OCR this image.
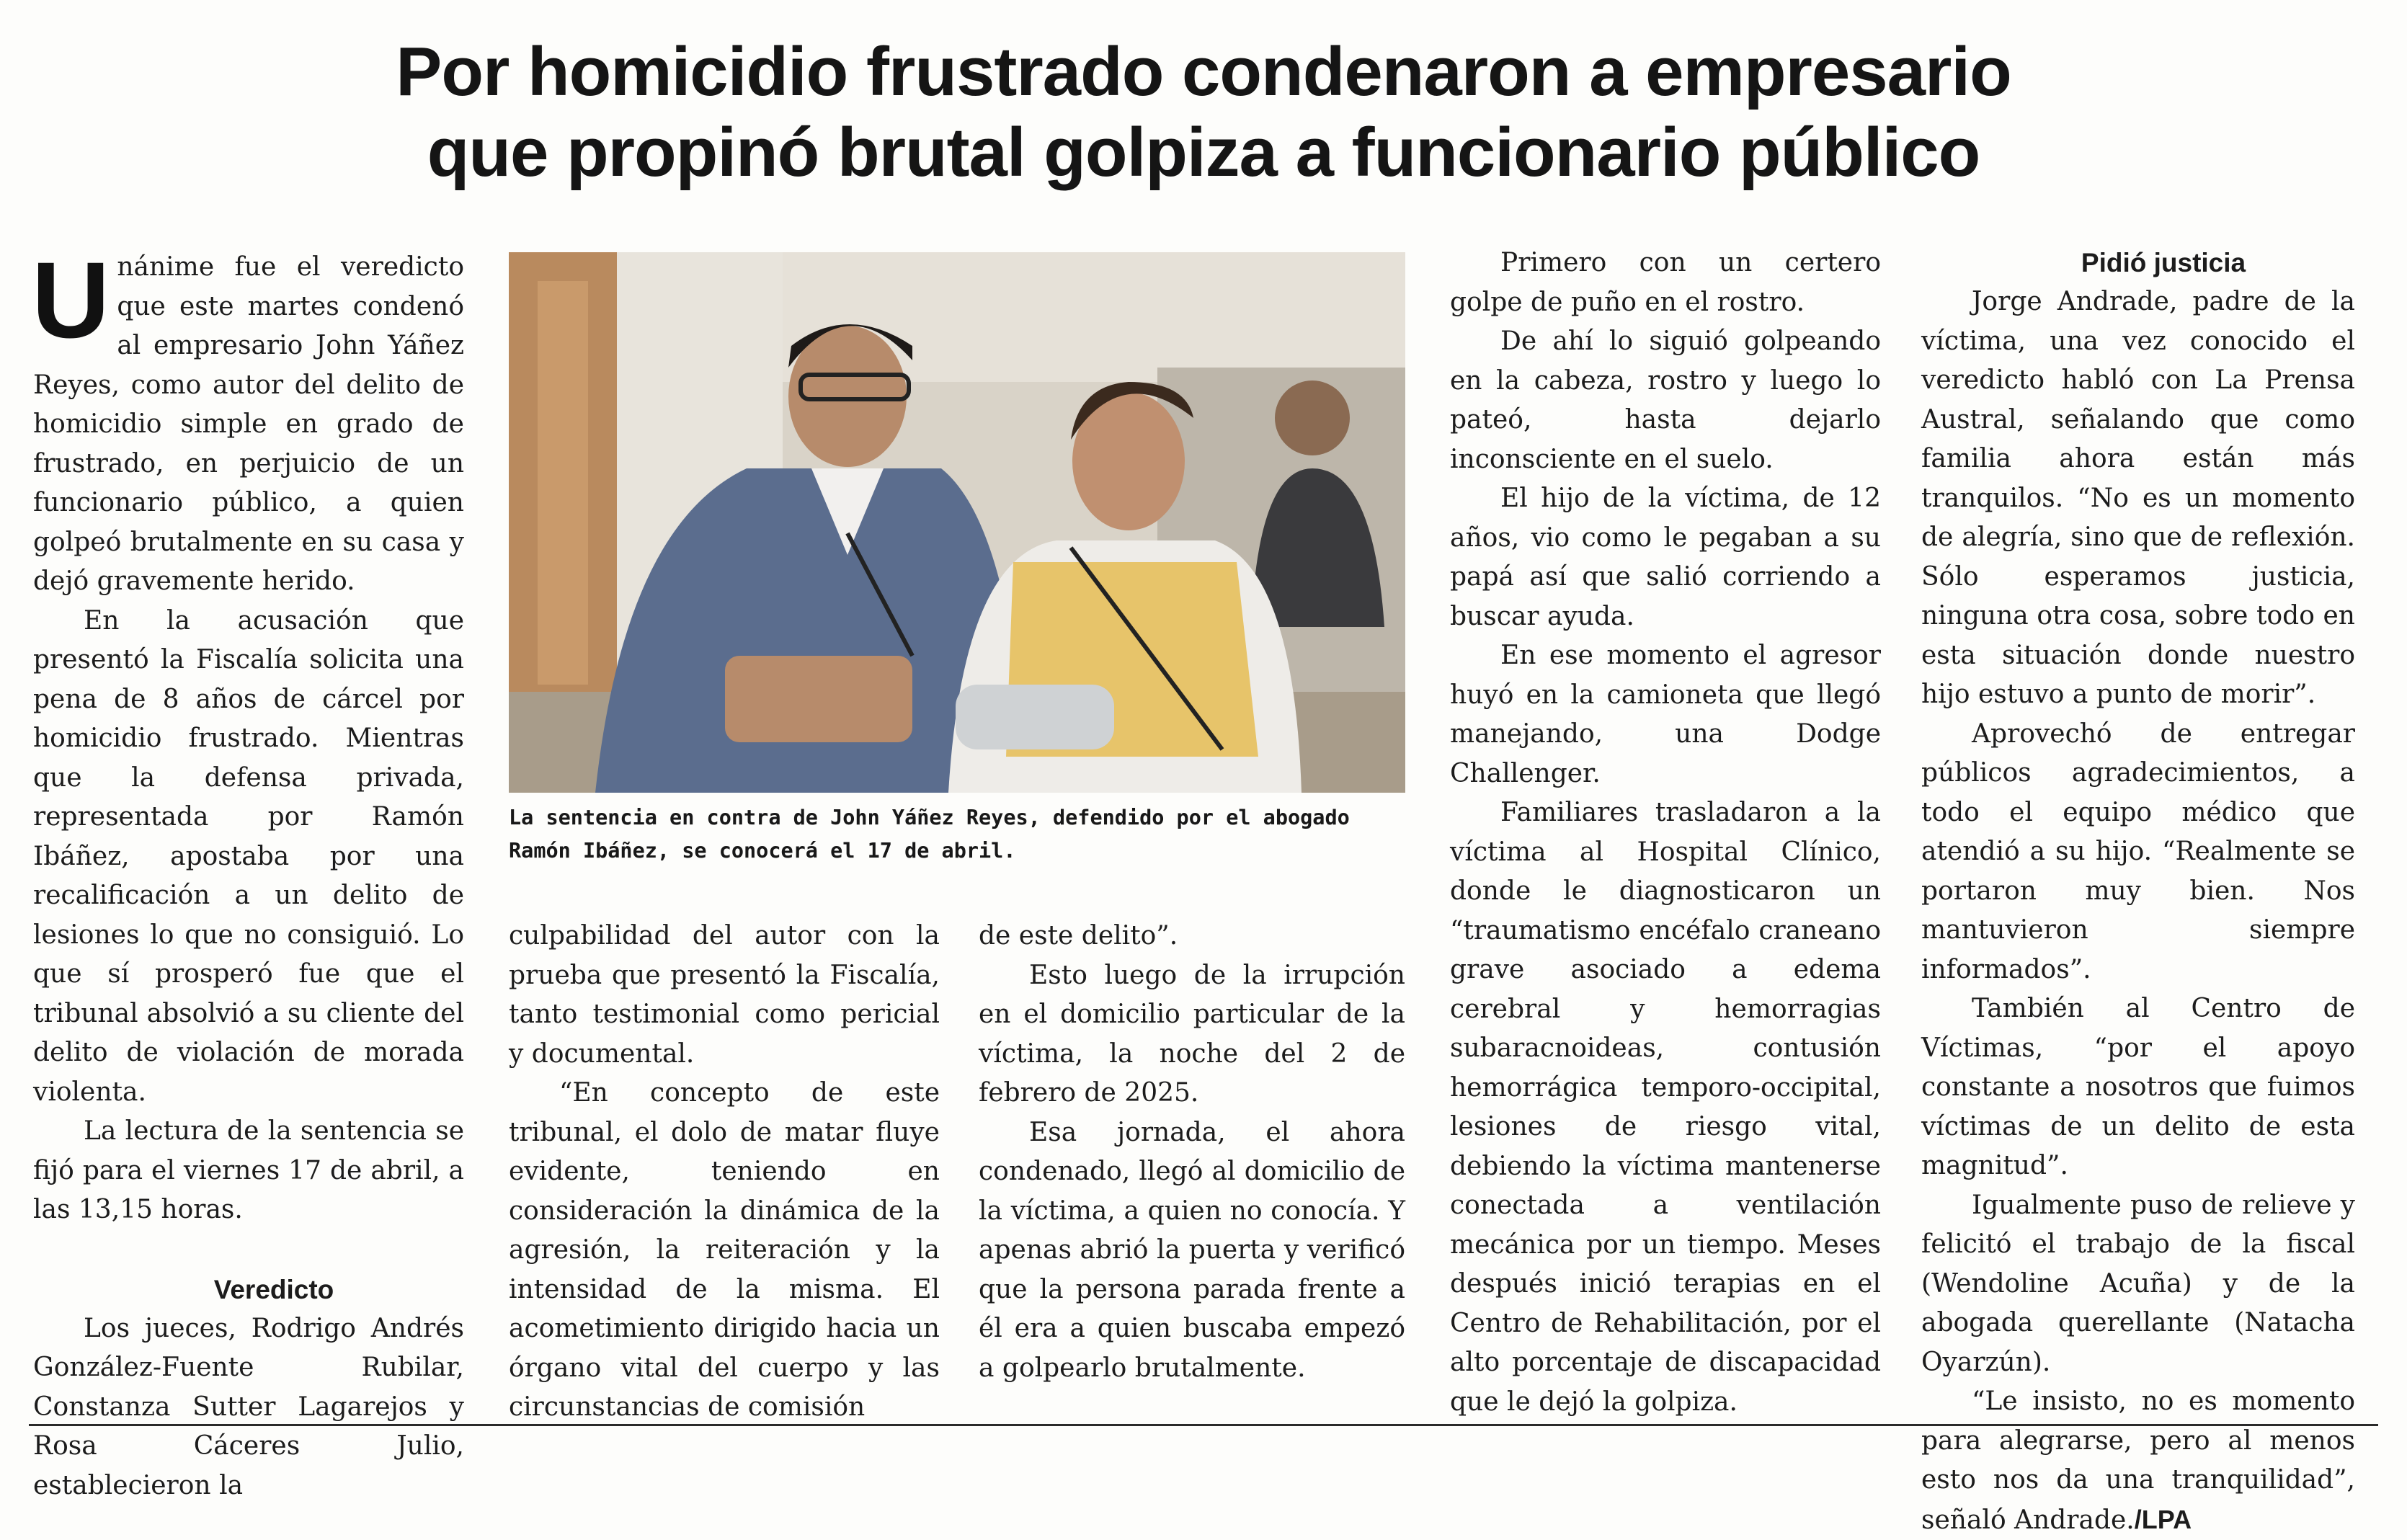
Por homicidio frustrado condenaron a empresario
que propinó brutal golpiza a funcionario público

Unánime fue el veredicto que este martes condenó al empresario John Yáñez Reyes, como autor del delito de homicidio simple en grado de frustrado, en perjuicio de un funcionario público, a quien golpeó brutalmente en su casa y dejó gravemente herido.

En la acusación que presentó la Fiscalía solicita una pena de 8 años de cárcel por homicidio frustrado. Mientras que la defensa privada, representada por Ramón Ibáñez, apostaba por una recalificación a un delito de lesiones lo que no consiguió. Lo que sí prosperó fue que el tribunal absolvió a su cliente del delito de violación de morada violenta.

La lectura de la sentencia se fijó para el viernes 17 de abril, a las 13,15 horas.

Veredicto

Los jueces, Rodrigo Andrés González-Fuente Rubilar, Constanza Sutter Lagarejos y Rosa Cáceres Julio, establecieron la

La sentencia en contra de John Yáñez Reyes, defendido por el abogado Ramón Ibáñez, se conocerá el 17 de abril.

culpabilidad del autor con la prueba que presentó la Fiscalía, tanto testimonial como pericial y documental.

“En concepto de este tribunal, el dolo de matar fluye evidente, teniendo en consideración la dinámica de la agresión, la reiteración y la intensidad de la misma. El acometimiento dirigido hacia un órgano vital del cuerpo y las circunstancias de comisión

de este delito”.

Esto luego de la irrupción en el domicilio particular de la víctima, la noche del 2 de febrero de 2025.

Esa jornada, el ahora condenado, llegó al domicilio de la víctima, a quien no conocía. Y apenas abrió la puerta y verificó que la persona parada frente a él era a quien buscaba empezó a golpearlo brutalmente.

Primero con un certero golpe de puño en el rostro.

De ahí lo siguió golpeando en la cabeza, rostro y luego lo pateó, hasta dejarlo inconsciente en el suelo.

El hijo de la víctima, de 12 años, vio como le pegaban a su papá así que salió corriendo a buscar ayuda.

En ese momento el agresor huyó en la camioneta que llegó manejando, una Dodge Challenger.

Familiares trasladaron a la víctima al Hospital Clínico, donde le diagnosticaron un “traumatismo encéfalo craneano grave asociado a edema cerebral y hemorragias subaracnoideas, contusión hemorrágica temporo-occipital, lesiones de riesgo vital, debiendo la víctima mantenerse conectada a ventilación mecánica por un tiempo. Meses después inició terapias en el Centro de Rehabilitación, por el alto porcentaje de discapacidad que le dejó la golpiza.

Pidió justicia

Jorge Andrade, padre de la víctima, una vez conocido el veredicto habló con La Prensa Austral, señalando que como familia ahora están más tranquilos. “No es un momento de alegría, sino que de reflexión. Sólo esperamos justicia, ninguna otra cosa, sobre todo en esta situación donde nuestro hijo estuvo a punto de morir”.

Aprovechó de entregar públicos agradecimientos, a todo el equipo médico que atendió a su hijo. “Realmente se portaron muy bien. Nos mantuvieron siempre informados”.

También al Centro de Víctimas, “por el apoyo constante a nosotros que fuimos víctimas de un delito de esta magnitud”.

Igualmente puso de relieve y felicitó el trabajo de la fiscal (Wendoline Acuña) y de la abogada querellante (Natacha Oyarzún).

“Le insisto, no es momento para alegrarse, pero al menos esto nos da una tranquilidad”, señaló Andrade./LPA
